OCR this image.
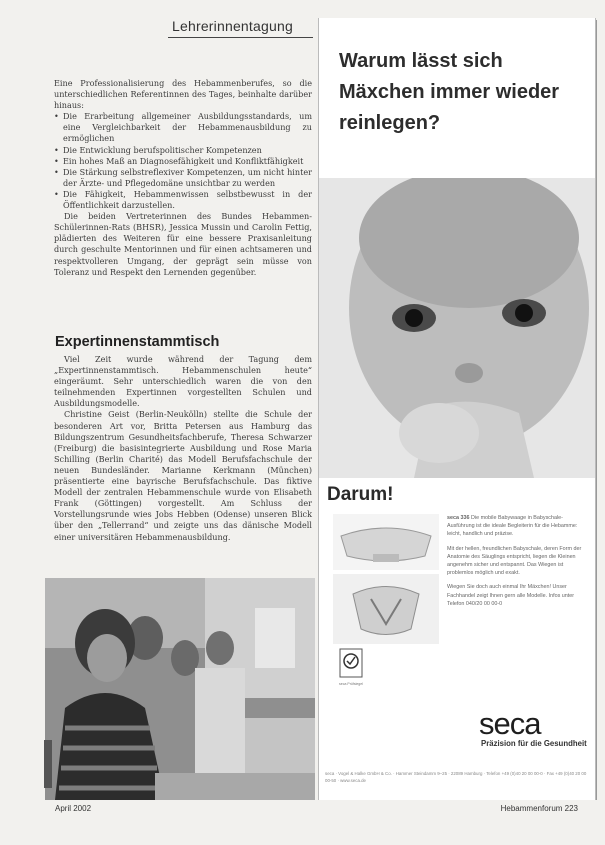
Lehrerinnentagung

Eine Professionalisierung des Hebammenberufes, so die unterschiedlichen Referentinnen des Tages, beinhalte darüber hinaus:

• Die Erarbeitung allgemeiner Ausbildungsstandards, um eine Vergleichbarkeit der Hebammenausbildung zu ermöglichen
• Die Entwicklung berufspolitischer Kompetenzen
• Ein hohes Maß an Diagnosefähigkeit und Konfliktfähigkeit
• Die Stärkung selbstreflexiver Kompetenzen, um nicht hinter der Ärzte- und Pflegedomäne unsichtbar zu werden
• Die Fähigkeit, Hebammenwissen selbstbewusst in der Öffentlichkeit darzustellen.

Die beiden Vertreterinnen des Bundes Hebammen-Schülerinnen-Rats (BHSR), Jessica Mussin und Carolin Fettig, plädierten des Weiteren für eine bessere Praxisanleitung durch geschulte Mentorinnen und für einen achtsameren und respektvolleren Umgang, der geprägt sein müsse von Toleranz und Respekt den Lernenden gegenüber.

Expertinnenstammtisch

Viel Zeit wurde während der Tagung dem „Expertinnenstammtisch. Hebammenschulen heute“ eingeräumt. Sehr unterschiedlich waren die von den teilnehmenden Expertinnen vorgestellten Schulen und Ausbildungsmodelle.

Christine Geist (Berlin-Neukölln) stellte die Schule der besonderen Art vor, Britta Petersen aus Hamburg das Bildungszentrum Gesundheitsfachberufe, Theresa Schwarzer (Freiburg) die basisintegrierte Ausbildung und Rose Maria Schilling (Berlin Charité) das Modell Berufsfachschule der neuen Bundesländer. Marianne Kerkmann (München) präsentierte eine bayrische Berufsfachschule. Das fiktive Modell der zentralen Hebammenschule wurde von Elisabeth Frank (Göttingen) vorgestellt. Am Schluss der Vorstellungsrunde wies Jobs Hebben (Odense) unseren Blick über den „Tellerrand“ und zeigte uns das dänische Modell einer universitären Hebammenausbildung.

April 2002	Hebammenforum 223
Warum lässt sich Mäxchen immer wieder reinlegen?
Darum!
seca Prüfsiegel

seca 336 Die mobile Babywaage in Babyschale-Ausführung ist die ideale Begleiterin für die Hebamme: leicht, handlich und präzise.

Mit der hellen, freundlichen Babyschale, deren Form der Anatomie des Säuglings entspricht, liegen die Kleinen angenehm sicher und entspannt. Das Wiegen ist problemlos möglich und exakt.

Wiegen Sie doch auch einmal Ihr Mäxchen! Unser Fachhandel zeigt Ihnen gern alle Modelle. Infos unter Telefon 040/20 00 00-0

seca
Präzision für die Gesundheit
seca · Vogel & Halke GmbH & Co. · Hammer Steindamm 9–25 · 22089 Hamburg · Telefon +49 (0)40 20 00 00-0 · Fax +49 (0)40 20 00 00-50 · www.seca.de
